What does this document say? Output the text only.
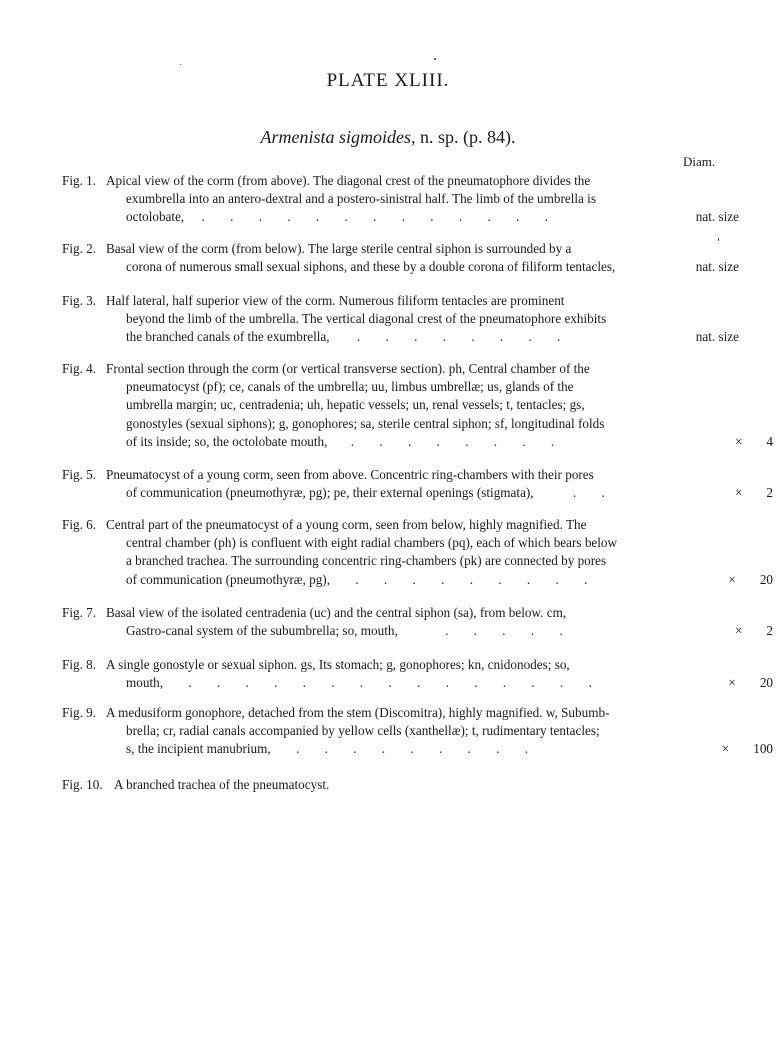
PLATE XLIII.
Armenista sigmoides, n. sp. (p. 84).
Diam.
Fig. 1. Apical view of the corm (from above). The diagonal crest of the pneumatophore divides the
exumbrella into an antero-dextral and a postero-sinistral half. The limb of the umbrella is
octolobate, . . . . . . . . . . . . .	nat. size
Fig. 2. Basal view of the corm (from below). The large sterile central siphon is surrounded by a
corona of numerous small sexual siphons, and these by a double corona of filiform tentacles,	nat. size
Fig. 3. Half lateral, half superior view of the corm. Numerous filiform tentacles are prominent
beyond the limb of the umbrella. The vertical diagonal crest of the pneumatophore exhibits
the branched canals of the exumbrella, . . . . . . . .	nat. size
Fig. 4. Frontal section through the corm (or vertical transverse section). ph, Central chamber of the
pneumatocyst (pf); ce, canals of the umbrella; uu, limbus umbrellæ; us, glands of the
umbrella margin; uc, centradenia; uh, hepatic vessels; un, renal vessels; t, tentacles; gs,
gonostyles (sexual siphons); g, gonophores; sa, sterile central siphon; sf, longitudinal folds
of its inside; so, the octolobate mouth, . . . . . . . .	× 4
Fig. 5. Pneumatocyst of a young corm, seen from above. Concentric ring-chambers with their pores
of communication (pneumothyræ, pg); pe, their external openings (stigmata),	. .	× 2
Fig. 6. Central part of the pneumatocyst of a young corm, seen from below, highly magnified. The
central chamber (ph) is confluent with eight radial chambers (pq), each of which bears below
a branched trachea. The surrounding concentric ring-chambers (pk) are connected by pores
of communication (pneumothyræ, pg), . . . . . . . . .	× 20
Fig. 7. Basal view of the isolated centradenia (uc) and the central siphon (sa), from below. cm,
Gastro-canal system of the subumbrella; so, mouth,	. . . . .	× 2
Fig. 8. A single gonostyle or sexual siphon. gs, Its stomach; g, gonophores; kn, cnidonodes; so,
mouth, . . . . . . . . . . . . . . .	× 20
Fig. 9. A medusiform gonophore, detached from the stem (Discomitra), highly magnified. w, Subumb-
brella; cr, radial canals accompanied by yellow cells (xanthellæ); t, rudimentary tentacles;
s, the incipient manubrium, . . . . . . . . .	× 100
Fig. 10. A branched trachea of the pneumatocyst.
